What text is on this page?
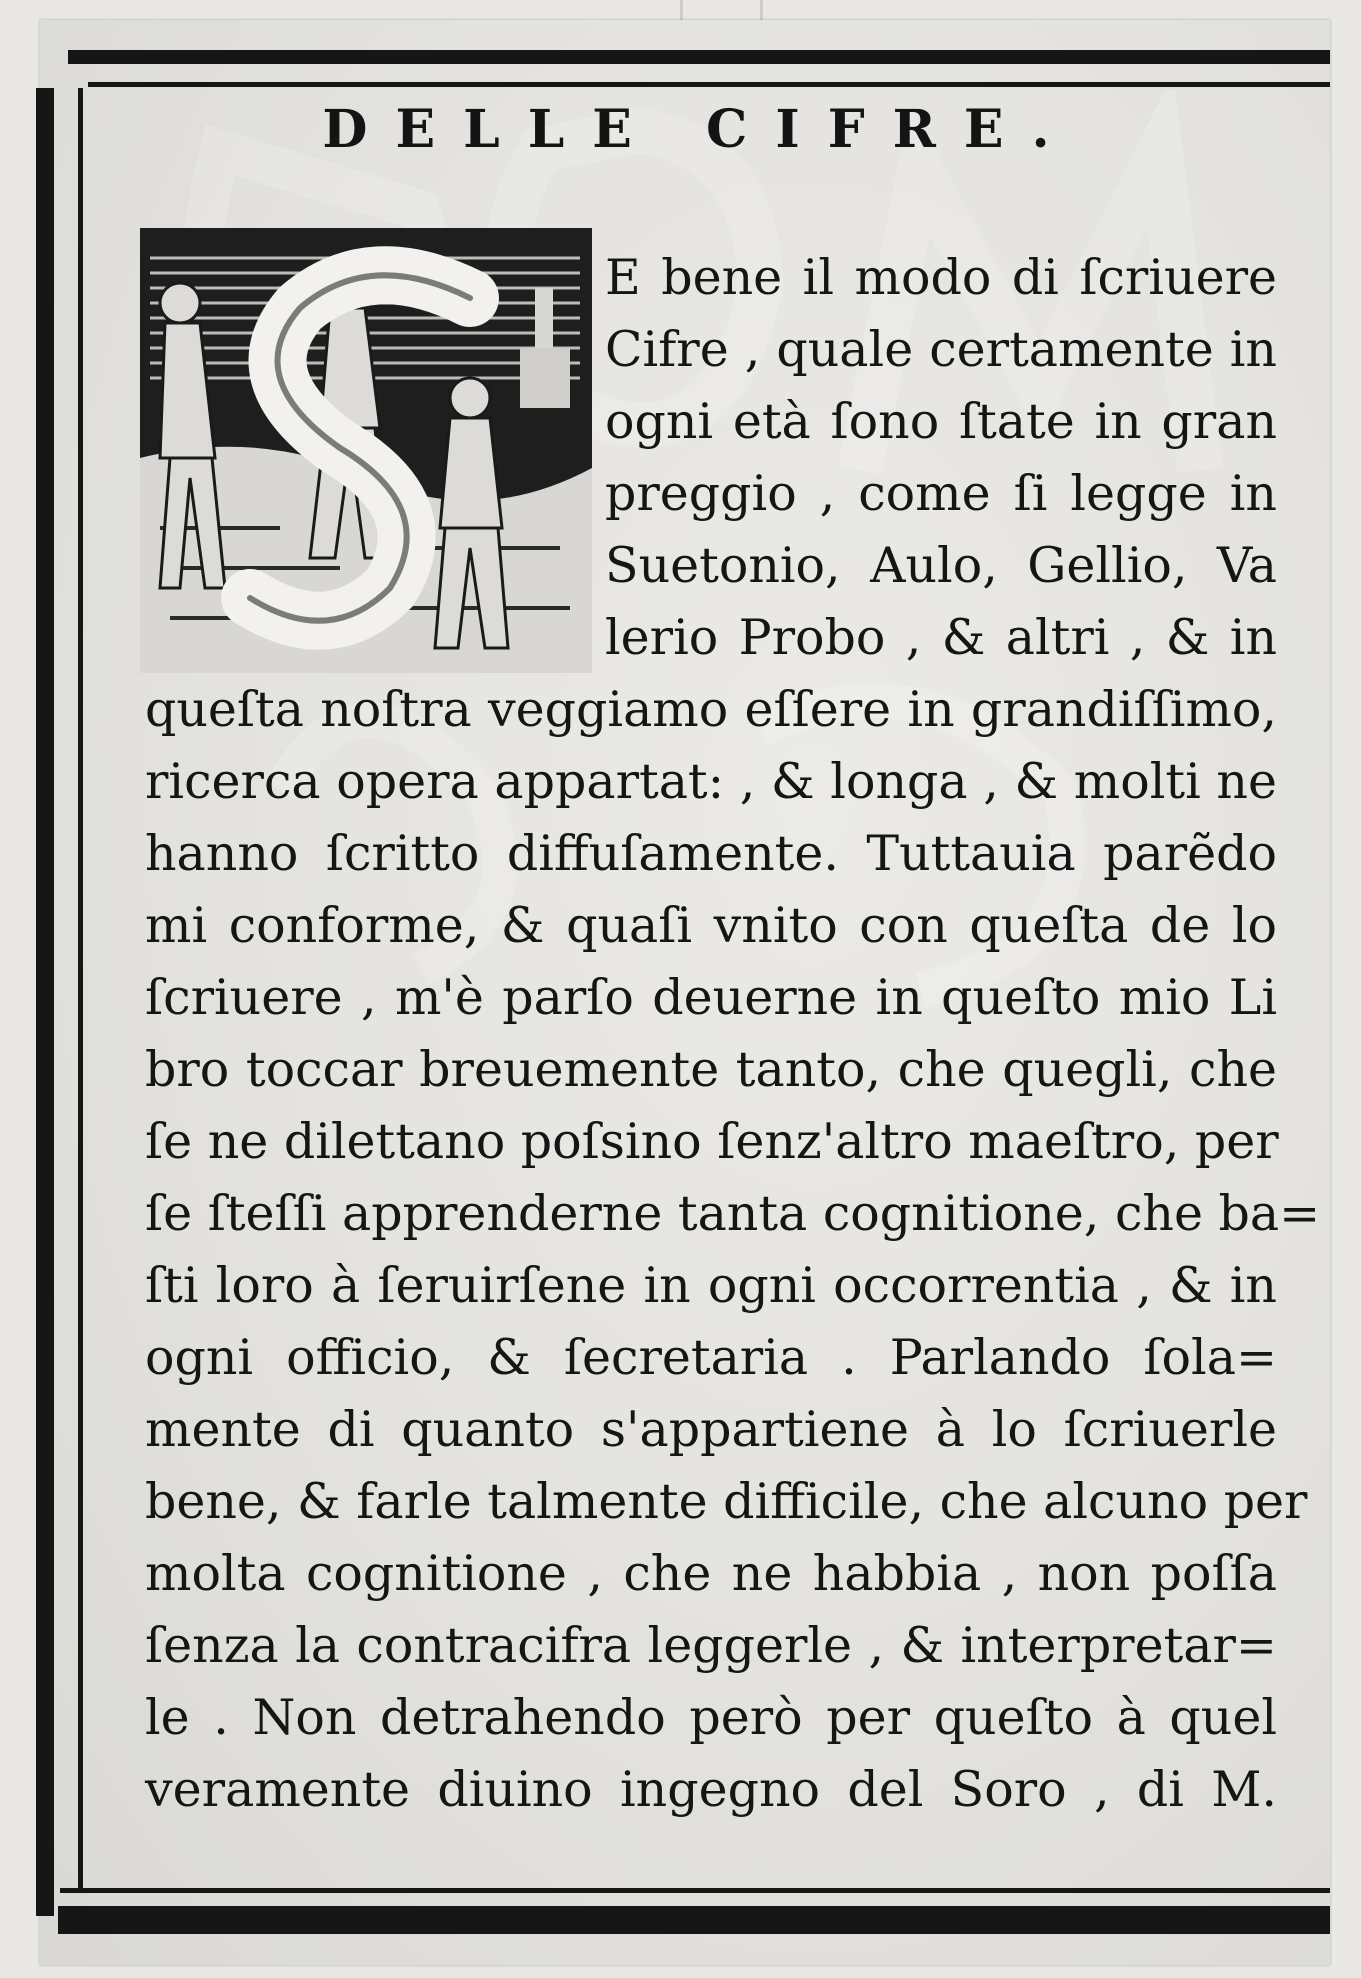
DELLE CIFRE.
E bene il modo di ſcriuere
Cifre , quale certamente in
ogni età ſono ſtate in gran
preggio , come ſi legge in
Suetonio, Aulo, Gellio, Va
lerio Probo , & altri , & in
queſta noſtra veggiamo eſſere in grandiſſimo,
ricerca opera appartat: , & longa , & molti ne
hanno ſcritto diffuſamente. Tuttauia parẽdo
mi conforme, & quaſi vnito con queſta de lo
ſcriuere , m'è parſo deuerne in queſto mio Li
bro toccar breuemente tanto, che quegli, che
ſe ne dilettano poſsino ſenz'altro maeſtro, per
ſe ſteſſi apprenderne tanta cognitione, che ba=
ſti loro à ſeruirſene in ogni occorrentia , & in
ogni officio, & ſecretaria . Parlando ſola=
mente di quanto s'appartiene à lo ſcriuerle
bene, & farle talmente difficile, che alcuno per
molta cognitione , che ne habbia , non poſſa
ſenza la contracifra leggerle , & interpretar=
le . Non detrahendo però per queſto à quel
veramente diuino ingegno del Soro , di M.
